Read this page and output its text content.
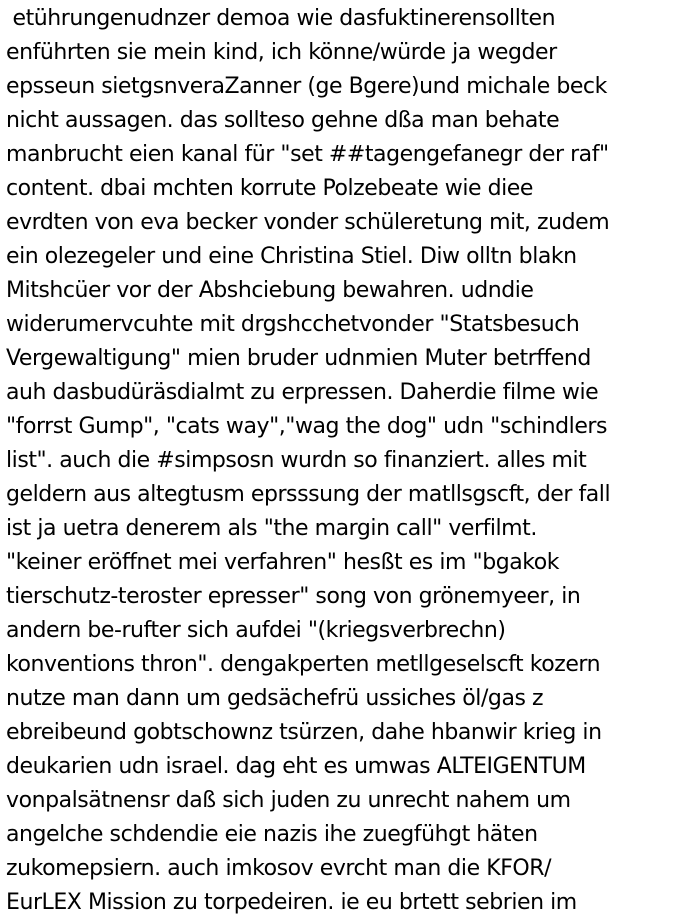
etührungenudnzer demoa wie dasfuktinerensollten
enführten sie mein kind, ich könne/würde ja wegder
epsseun sietgsnveraZanner (ge Bgere)und michale beck
nicht aussagen. das sollteso gehne dßa man behate
manbrucht eien kanal für "set ##tagengefanegr der raf"
content. dbai mchten korrute Polzebeate wie diee
evrdten von eva becker vonder schüleretung mit, zudem
ein olezegeler und eine Christina Stiel. Diw olltn blakn
Mitshcüer vor der Abshciebung bewahren. udndie
widerumervcuhte mit drgshcchetvonder "Statsbesuch
Vergewaltigung" mien bruder udnmien Muter betrffend
auh dasbudüräsdialmt zu erpressen. Daherdie filme wie
"forrst Gump", "cats way","wag the dog" udn "schindlers
list". auch die #simpsosn wurdn so finanziert. alles mit
geldern aus altegtusm eprsssung der matllsgscft, der fall
ist ja uetra denerem als "the margin call" verfilmt.
"keiner eröffnet mei verfahren" hesßt es im "bgakok
tierschutz-teroster epresser" song von grönemyeer, in
andern be-rufter sich aufdei "(kriegsverbrechn)
konventions thron". dengakperten metllgeselscft kozern
nutze man dann um gedsächefrü ussiches öl/gas z
ebreibeund gobtschownz tsürzen, dahe hbanwir krieg in
deukarien udn israel. dag eht es umwas ALTEIGENTUM
vonpalsätnensr daß sich juden zu unrecht nahem um
angelche schdendie eie nazis ihe zuegfühgt häten
zukomepsiern. auch imkosov evrcht man die KFOR/
EurLEX Mission zu torpedeiren. ie eu brtett sebrien im
